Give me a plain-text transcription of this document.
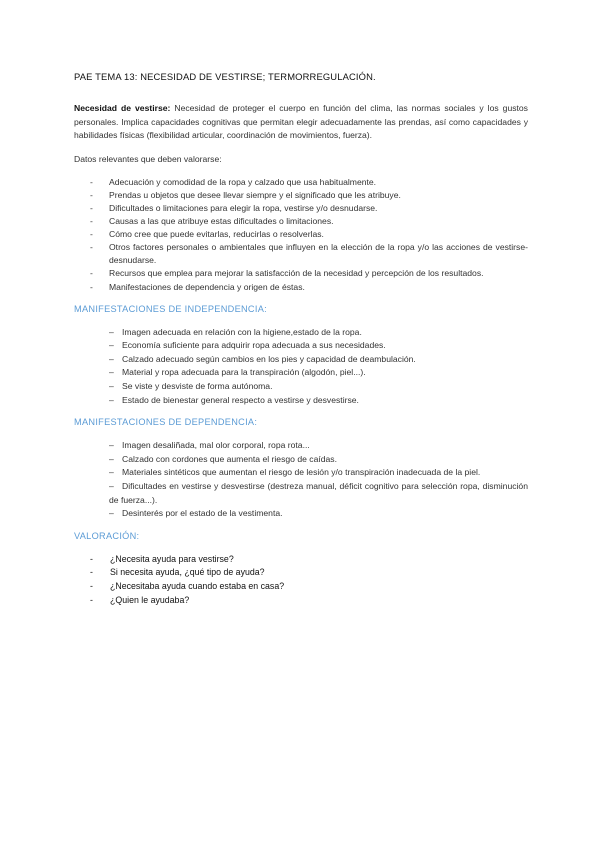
PAE TEMA 13: NECESIDAD DE VESTIRSE; TERMORREGULACIÓN.

Necesidad de vestirse: Necesidad de proteger el cuerpo en función del clima, las normas sociales y los gustos personales. Implica capacidades cognitivas que permitan elegir adecuadamente las prendas, así como capacidades y habilidades físicas (flexibilidad articular, coordinación de movimientos, fuerza).

Datos relevantes que deben valorarse:

- Adecuación y comodidad de la ropa y calzado que usa habitualmente.
- Prendas u objetos que desee llevar siempre y el significado que les atribuye.
- Dificultades o limitaciones para elegir la ropa, vestirse y/o desnudarse.
- Causas a las que atribuye estas dificultades o limitaciones.
- Cómo cree que puede evitarlas, reducirlas o resolverlas.
- Otros factores personales o ambientales que influyen en la elección de la ropa y/o las acciones de vestirse-desnudarse.
- Recursos que emplea para mejorar la satisfacción de la necesidad y percepción de los resultados.
- Manifestaciones de dependencia y origen de éstas.
MANIFESTACIONES DE INDEPENDENCIA:
– Imagen adecuada en relación con la higiene,estado de la ropa.
– Economía suficiente para adquirir ropa adecuada a sus necesidades.
– Calzado adecuado según cambios en los pies y capacidad de deambulación.
– Material y ropa adecuada para la transpiración (algodón, piel...).
– Se viste y desviste de forma autónoma.
– Estado de bienestar general respecto a vestirse y desvestirse.
MANIFESTACIONES DE DEPENDENCIA:
– Imagen desaliñada, mal olor corporal, ropa rota...
– Calzado con cordones que aumenta el riesgo de caídas.
– Materiales sintéticos que aumentan el riesgo de lesión y/o transpiración inadecuada de la piel.
– Dificultades en vestirse y desvestirse (destreza manual, déficit cognitivo para selección ropa, disminución de fuerza...).
– Desinterés por el estado de la vestimenta.
VALORACIÓN:
- ¿Necesita ayuda para vestirse?
- Si necesita ayuda, ¿qué tipo de ayuda?
- ¿Necesitaba ayuda cuando estaba en casa?
- ¿Quien le ayudaba?
